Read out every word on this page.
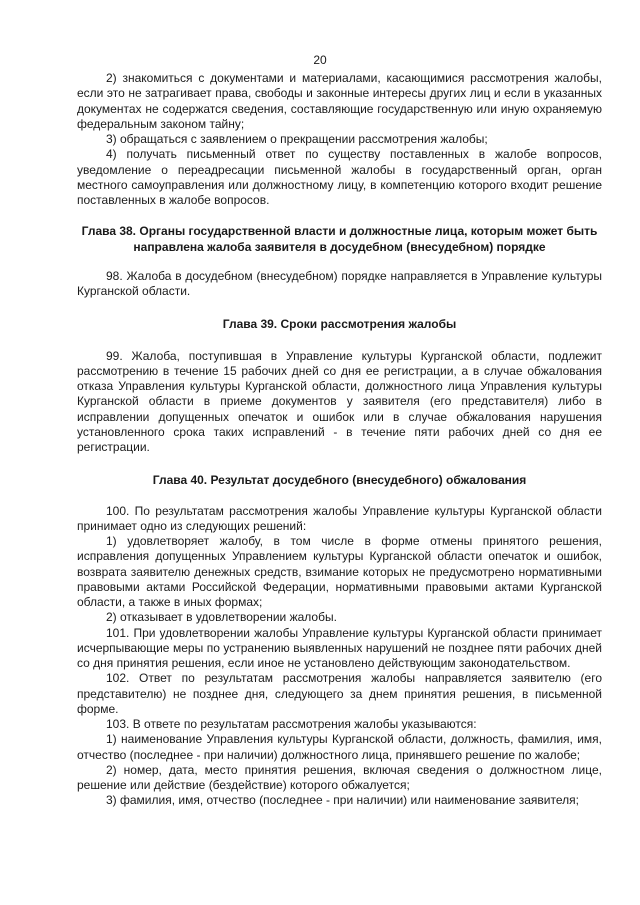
20

2) знакомиться с документами и материалами, касающимися рассмотрения жалобы, если это не затрагивает права, свободы и законные интересы других лиц и если в указанных документах не содержатся сведения, составляющие государственную или иную охраняемую федеральным законом тайну;

3) обращаться с заявлением о прекращении рассмотрения жалобы;

4) получать письменный ответ по существу поставленных в жалобе вопросов, уведомление о переадресации письменной жалобы в государственный орган, орган местного самоуправления или должностному лицу, в компетенцию которого входит решение поставленных в жалобе вопросов.

Глава 38. Органы государственной власти и должностные лица, которым может быть направлена жалоба заявителя в досудебном (внесудебном) порядке

98. Жалоба в досудебном (внесудебном) порядке направляется в Управление культуры Курганской области.

Глава 39. Сроки рассмотрения жалобы

99. Жалоба, поступившая в Управление культуры Курганской области, подлежит рассмотрению в течение 15 рабочих дней со дня ее регистрации, а в случае обжалования отказа Управления культуры Курганской области, должностного лица Управления культуры Курганской области в приеме документов у заявителя (его представителя) либо в исправлении допущенных опечаток и ошибок или в случае обжалования нарушения установленного срока таких исправлений - в течение пяти рабочих дней со дня ее регистрации.

Глава 40. Результат досудебного (внесудебного) обжалования

100. По результатам рассмотрения жалобы Управление культуры Курганской области принимает одно из следующих решений:

1) удовлетворяет жалобу, в том числе в форме отмены принятого решения, исправления допущенных Управлением культуры Курганской области опечаток и ошибок, возврата заявителю денежных средств, взимание которых не предусмотрено нормативными правовыми актами Российской Федерации, нормативными правовыми актами Курганской области, а также в иных формах;

2) отказывает в удовлетворении жалобы.

101. При удовлетворении жалобы Управление культуры Курганской области принимает исчерпывающие меры по устранению выявленных нарушений не позднее пяти рабочих дней со дня принятия решения, если иное не установлено действующим законодательством.

102. Ответ по результатам рассмотрения жалобы направляется заявителю (его представителю) не позднее дня, следующего за днем принятия решения, в письменной форме.

103. В ответе по результатам рассмотрения жалобы указываются:

1) наименование Управления культуры Курганской области, должность, фамилия, имя, отчество (последнее - при наличии) должностного лица, принявшего решение по жалобе;

2) номер, дата, место принятия решения, включая сведения о должностном лице, решение или действие (бездействие) которого обжалуется;

3) фамилия, имя, отчество (последнее - при наличии) или наименование заявителя;
